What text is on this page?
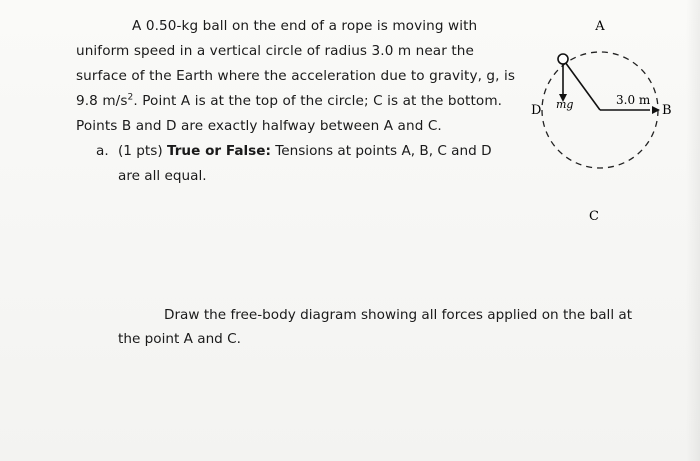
A 0.50-kg ball on the end of a rope is moving with uniform speed in a vertical circle of radius 3.0 m near the surface of the Earth where the acceleration due to gravity, g, is 9.8 $m/s^2$. Point A is at the top of the circle; C is at the bottom. Points B and D are exactly halfway between A and C.

a. (1 pts) True or False: Tensions at points A, B, C and D are all equal.
A
B
C
D
3.0 m
mg

Draw the free-body diagram showing all forces applied on the ball at the point A and C.
